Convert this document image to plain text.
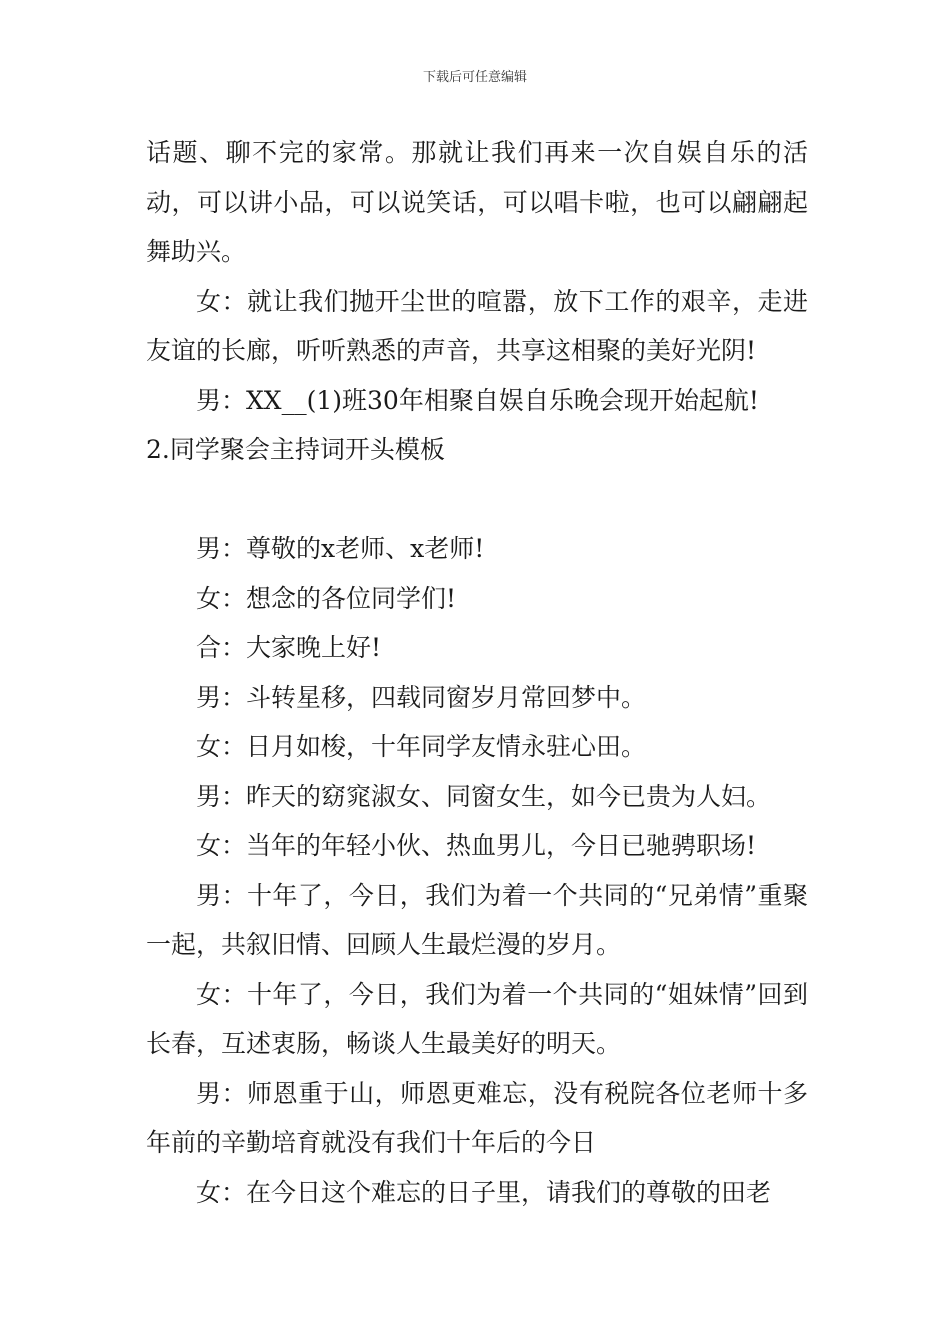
下载后可任意编辑

话题、聊不完的家常。那就让我们再来一次自娱自乐的活动，可以讲小品，可以说笑话，可以唱卡啦，也可以翩翩起舞助兴。

女：就让我们抛开尘世的喧嚣，放下工作的艰辛，走进友谊的长廊，听听熟悉的声音，共享这相聚的美好光阴!

男：XX__(1)班30年相聚自娱自乐晚会现开始起航!

2.同学聚会主持词开头模板

男：尊敬的x老师、x老师!

女：想念的各位同学们!

合：大家晚上好!

男：斗转星移，四载同窗岁月常回梦中。

女：日月如梭，十年同学友情永驻心田。

男：昨天的窈窕淑女、同窗女生，如今已贵为人妇。

女：当年的年轻小伙、热血男儿，今日已驰骋职场!

男：十年了，今日，我们为着一个共同的“兄弟情”重聚一起，共叙旧情、回顾人生最烂漫的岁月。

女：十年了，今日，我们为着一个共同的“姐妹情”回到长春，互述衷肠，畅谈人生最美好的明天。

男：师恩重于山，师恩更难忘，没有税院各位老师十多年前的辛勤培育就没有我们十年后的今日

女：在今日这个难忘的日子里，请我们的尊敬的田老
